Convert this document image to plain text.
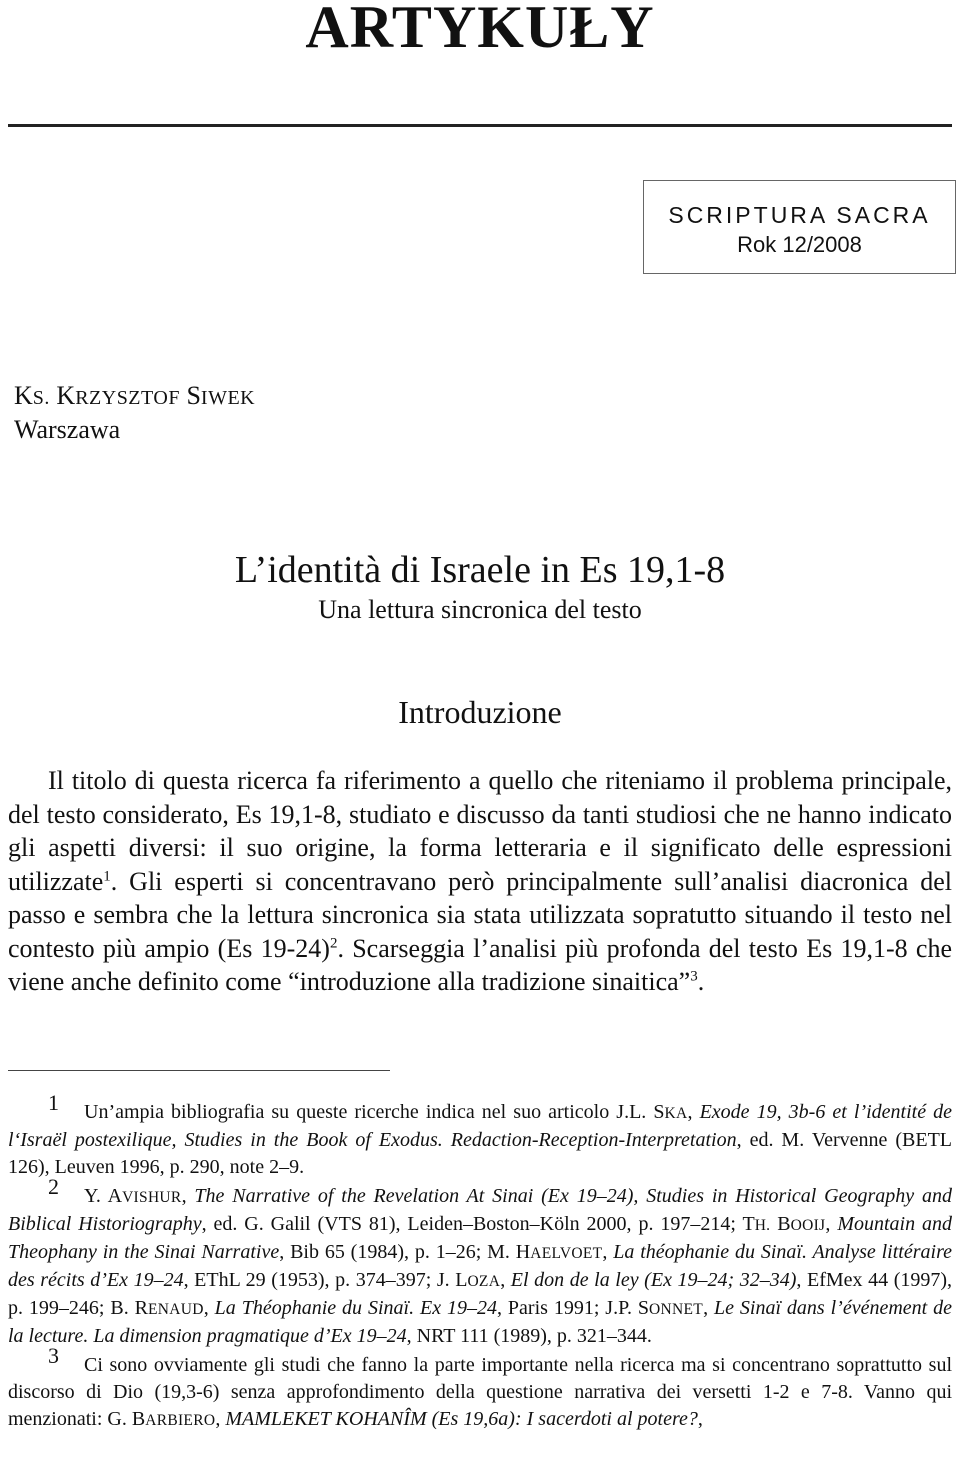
ARTYKUŁY
SCRIPTURA SACRA
Rok 12/2008
KS. KRZYSZTOF SIWEK
Warszawa
L’identità di Israele in Es 19,1-8
Una lettura sincronica del testo
Introduzione
Il titolo di questa ricerca fa riferimento a quello che riteniamo il problema principale, del testo considerato, Es 19,1-8, studiato e discusso da tanti studiosi che ne hanno indicato gli aspetti diversi: il suo origine, la forma letteraria e il significato delle espressioni utilizzate$^1$. Gli esperti si concentravano però principalmente sull’analisi diacronica del passo e sembra che la lettura sincronica sia stata utilizzata sopratutto situando il testo nel contesto più ampio (Es 19-24)$^2$. Scarseggia l’analisi più profonda del testo Es 19,1-8 che viene anche definito come “introduzione alla tradizione sinaitica”$^3$.

1 Un’ampia bibliografia su queste ricerche indica nel suo articolo J.L. SKA, Exode 19, 3b-6 et l’identité de l‘Israël postexilique, Studies in the Book of Exodus. Redaction-Reception-Interpretation, ed. M. Vervenne (BETL 126), Leuven 1996, p. 290, note 2–9.

2 Y. AVISHUR, The Narrative of the Revelation At Sinai (Ex 19–24), Studies in Historical Geography and Biblical Historiography, ed. G. Galil (VTS 81), Leiden–Boston–Köln 2000, p. 197–214; TH. BOOIJ, Mountain and Theophany in the Sinai Narrative, Bib 65 (1984), p. 1–26; M. HAELVOET, La théophanie du Sinaï. Analyse littéraire des récits d’Ex 19–24, EThL 29 (1953), p. 374–397; J. LOZA, El don de la ley (Ex 19–24; 32–34), EfMex 44 (1997), p. 199–246; B. RENAUD, La Théophanie du Sinaï. Ex 19–24, Paris 1991; J.P. SONNET, Le Sinaï dans l’événement de la lecture. La dimension pragmatique d’Ex 19–24, NRT 111 (1989), p. 321–344.

3 Ci sono ovviamente gli studi che fanno la parte importante nella ricerca ma si concentrano soprattutto sul discorso di Dio (19,3-6) senza approfondimento della questione narrativa dei versetti 1-2 e 7-8. Vanno qui menzionati: G. BARBIERO, MAMLEKET KOHANÎM (Es 19,6a): I sacerdoti al potere?,
